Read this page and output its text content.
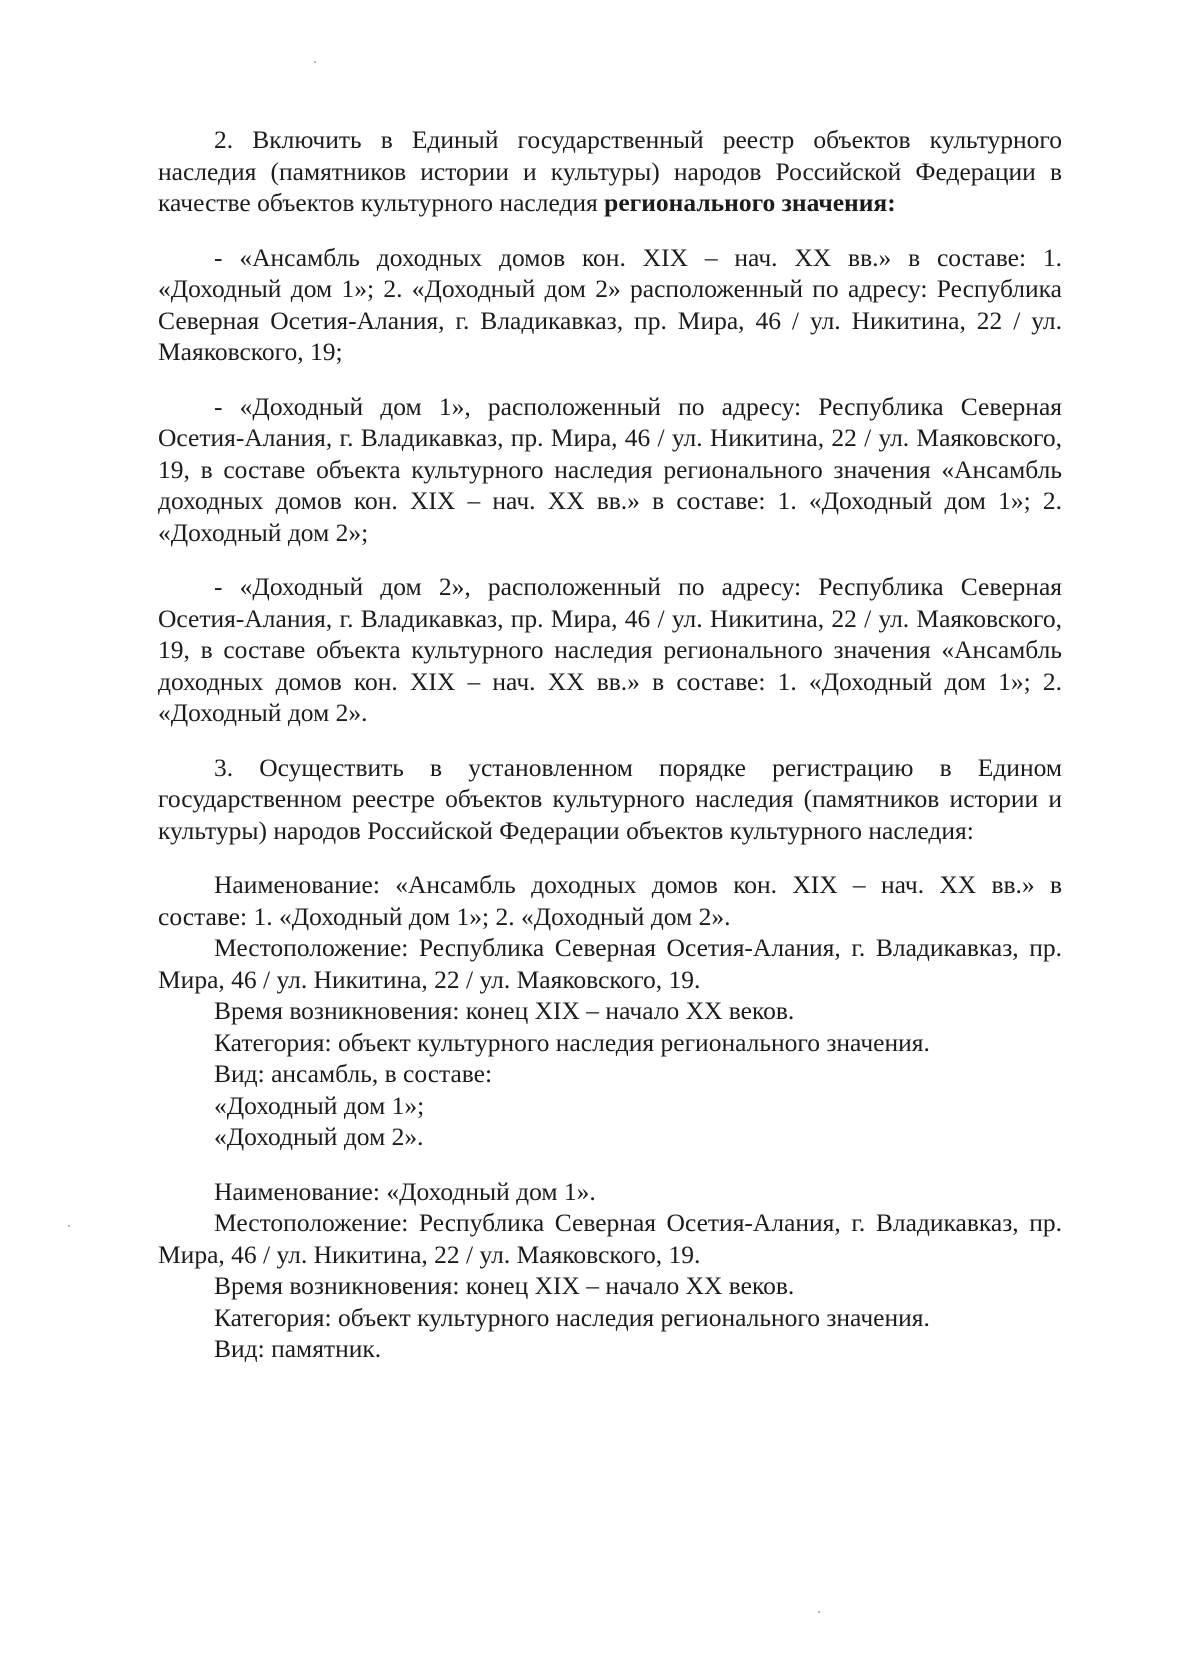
2. Включить в Единый государственный реестр объектов культурного наследия (памятников истории и культуры) народов Российской Федерации в качестве объектов культурного наследия регионального значения:

- «Ансамбль доходных домов кон. XIX – нач. XX вв.» в составе: 1. «Доходный дом 1»; 2. «Доходный дом 2» расположенный по адресу: Республика Северная Осетия-Алания, г. Владикавказ, пр. Мира, 46 / ул. Никитина, 22 / ул. Маяковского, 19;

- «Доходный дом 1», расположенный по адресу: Республика Северная Осетия-Алания, г. Владикавказ, пр. Мира, 46 / ул. Никитина, 22 / ул. Маяковского, 19, в составе объекта культурного наследия регионального значения «Ансамбль доходных домов кон. XIX – нач. XX вв.» в составе: 1. «Доходный дом 1»; 2. «Доходный дом 2»;

- «Доходный дом 2», расположенный по адресу: Республика Северная Осетия-Алания, г. Владикавказ, пр. Мира, 46 / ул. Никитина, 22 / ул. Маяковского, 19, в составе объекта культурного наследия регионального значения «Ансамбль доходных домов кон. XIX – нач. XX вв.» в составе: 1. «Доходный дом 1»; 2. «Доходный дом 2».

3. Осуществить в установленном порядке регистрацию в Едином государственном реестре объектов культурного наследия (памятников истории и культуры) народов Российской Федерации объектов культурного наследия:

Наименование: «Ансамбль доходных домов кон. XIX – нач. XX вв.» в составе: 1. «Доходный дом 1»; 2. «Доходный дом 2».

Местоположение: Республика Северная Осетия-Алания, г. Владикавказ, пр. Мира, 46 / ул. Никитина, 22 / ул. Маяковского, 19.

Время возникновения: конец XIX – начало XX веков.

Категория: объект культурного наследия регионального значения.

Вид: ансамбль, в составе:

«Доходный дом 1»;

«Доходный дом 2».

Наименование: «Доходный дом 1».

Местоположение: Республика Северная Осетия-Алания, г. Владикавказ, пр. Мира, 46 / ул. Никитина, 22 / ул. Маяковского, 19.

Время возникновения: конец XIX – начало XX веков.

Категория: объект культурного наследия регионального значения.

Вид: памятник.
